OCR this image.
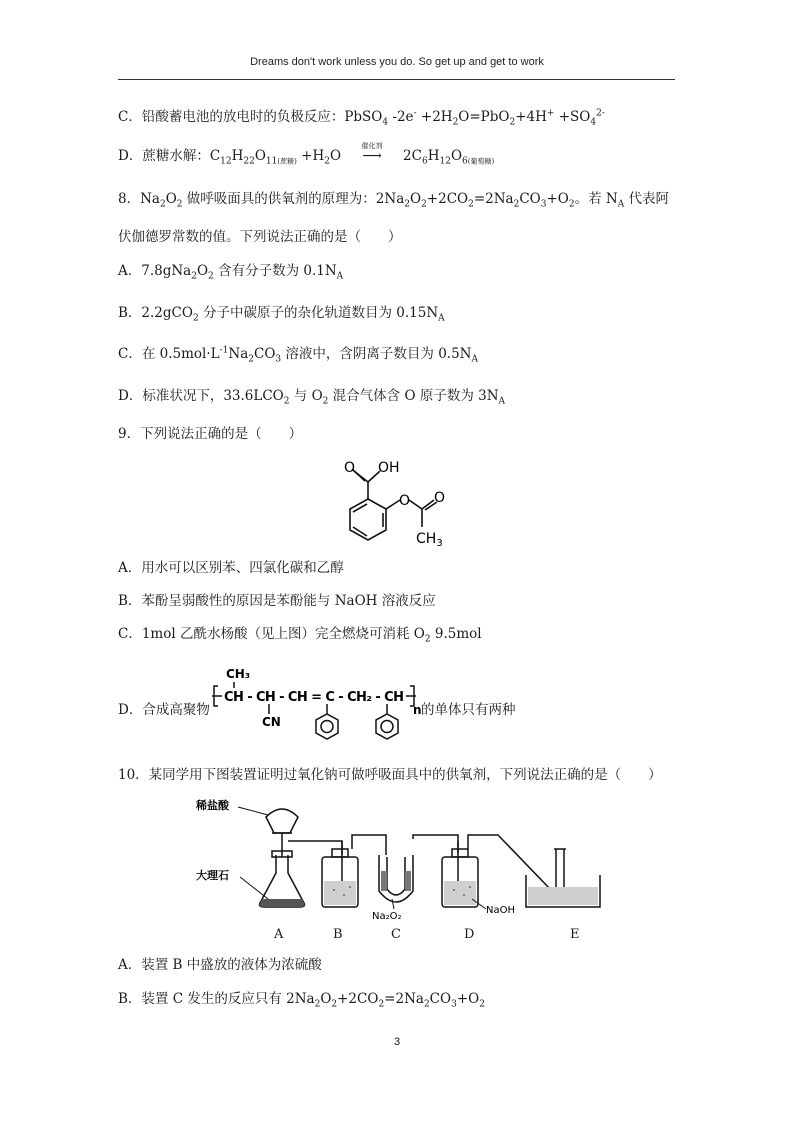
Dreams don't work unless you do. So get up and get to work
C．铅酸蓄电池的放电时的负极反应：PbSO$_4$ $-2e^- +2H_2O=PbO_2+4H^+ +SO_4^{2-}$
D．蔗糖水解：$C_{12}H_{22}O_{11(蔗糖)} +H_2O$
催化剂
⟶ $2C_6H_{12}O_{6(葡萄糖)}$
8．$Na_2O_2$ 做呼吸面具的供氧剂的原理为：$2Na_2O_2+2CO_2=2Na_2CO_3+O_2$。若 $N_A$ 代表阿
伏伽德罗常数的值。下列说法正确的是（　　）
A．$7.8gNa_2O_2$ 含有分子数为 $0.1N_A$
B．2.2gCO$_2$ 分子中碳原子的杂化轨道数目为 $0.15N_A$
C．在 $0.5mol\cdot L^{-1}Na_2CO_3$ 溶液中，含阴离子数目为 $0.5N_A$
D．标准状况下，$33.6LCO_2$ 与 $O_2$ 混合气体含 O 原子数为 $3N_A$
9．下列说法正确的是（　　）
O OH
O O
$CH_3$
A．用水可以区别苯、四氯化碳和乙醇
B．苯酚呈弱酸性的原因是苯酚能与 NaOH 溶液反应
C．1mol 乙酰水杨酸（见上图）完全燃烧可消耗 $O_2$ 9.5mol
D．合成高聚物
CH₃
CH - CH - CH = C - CH₂ - CH
CN
n 的单体只有两种
10．某同学用下图装置证明过氧化钠可做呼吸面具中的供氧剂，下列说法正确的是（　　）
稀盐酸
大理石
Na₂O₂
NaOH
A	B	C	D	E
A．装置 B 中盛放的液体为浓硫酸
B．装置 C 发生的反应只有 $2Na_2O_2+2CO_2=2Na_2CO_3+O_2$
3
